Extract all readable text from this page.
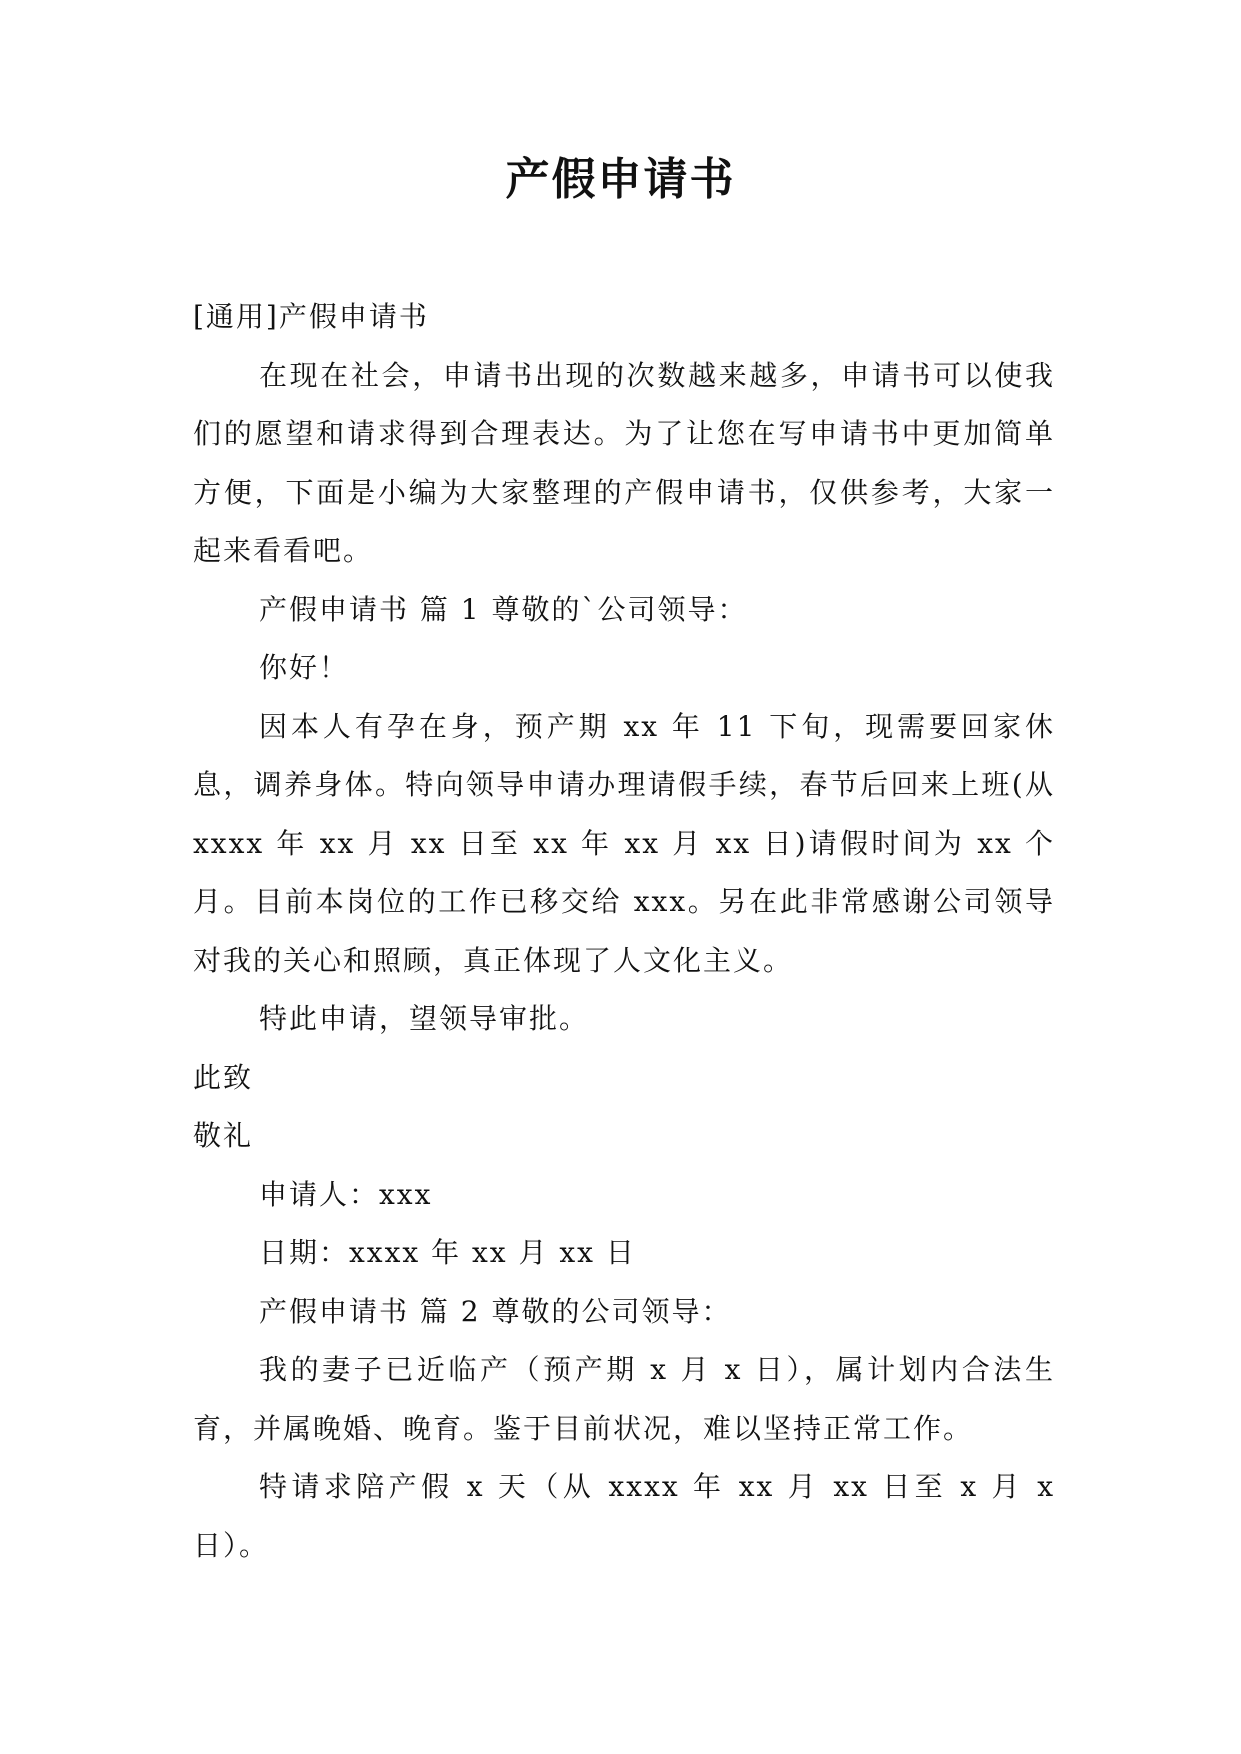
产假申请书

[通用]产假申请书

在现在社会，申请书出现的次数越来越多，申请书可以使我们的愿望和请求得到合理表达。为了让您在写申请书中更加简单方便，下面是小编为大家整理的产假申请书，仅供参考，大家一起来看看吧。

产假申请书 篇 1 尊敬的`公司领导：

你好！

因本人有孕在身，预产期 xx 年 11 下旬，现需要回家休息，调养身体。特向领导申请办理请假手续，春节后回来上班(从 xxxx 年 xx 月 xx 日至 xx 年 xx 月 xx 日)请假时间为 xx 个月。目前本岗位的工作已移交给 xxx。另在此非常感谢公司领导对我的关心和照顾，真正体现了人文化主义。

特此申请，望领导审批。

此致

敬礼

申请人：xxx

日期：xxxx 年 xx 月 xx 日

产假申请书 篇 2 尊敬的公司领导：

我的妻子已近临产（预产期 x 月 x 日），属计划内合法生育，并属晚婚、晚育。鉴于目前状况，难以坚持正常工作。

特请求陪产假 x 天（从 xxxx 年 xx 月 xx 日至 x 月 x 日）。
